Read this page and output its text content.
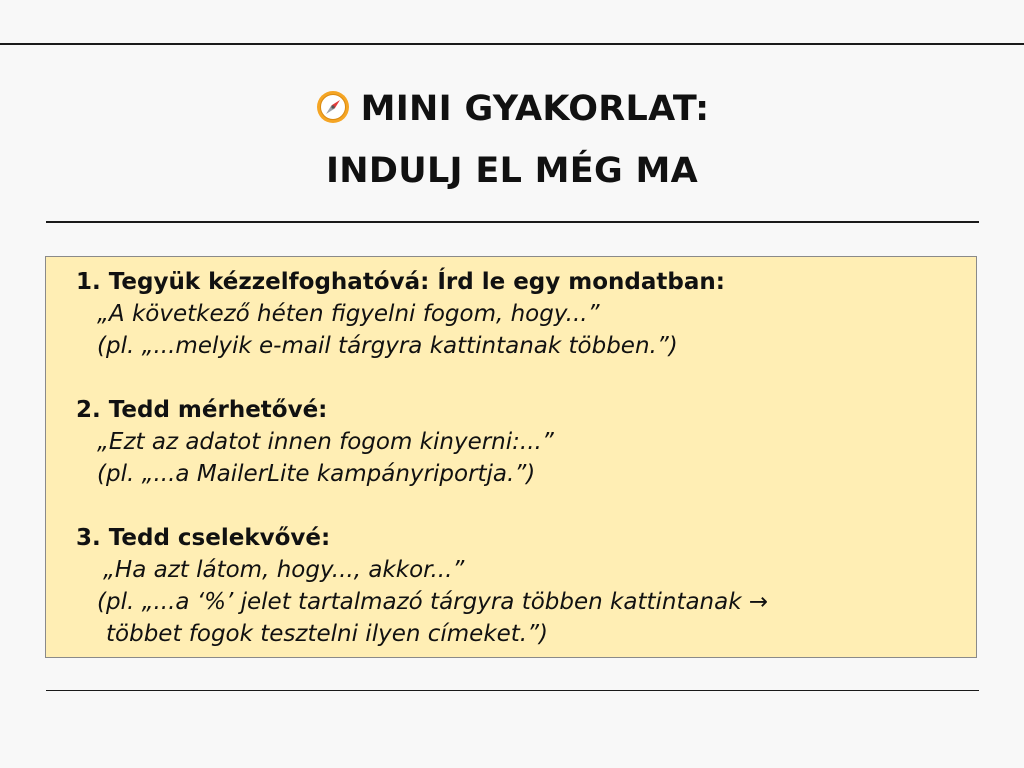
MINI GYAKORLAT:
INDULJ EL MÉG MA
1. Tegyük kézzelfoghatóvá: Írd le egy mondatban:
„A következő héten figyelni fogom, hogy...”
(pl. „...melyik e-mail tárgyra kattintanak többen.”)
2. Tedd mérhetővé:
„Ezt az adatot innen fogom kinyerni:...”
(pl. „...a MailerLite kampányriportja.”)
3. Tedd cselekvővé:
„Ha azt látom, hogy..., akkor...”
(pl. „...a ‘%’ jelet tartalmazó tárgyra többen kattintanak →
többet fogok tesztelni ilyen címeket.”)
